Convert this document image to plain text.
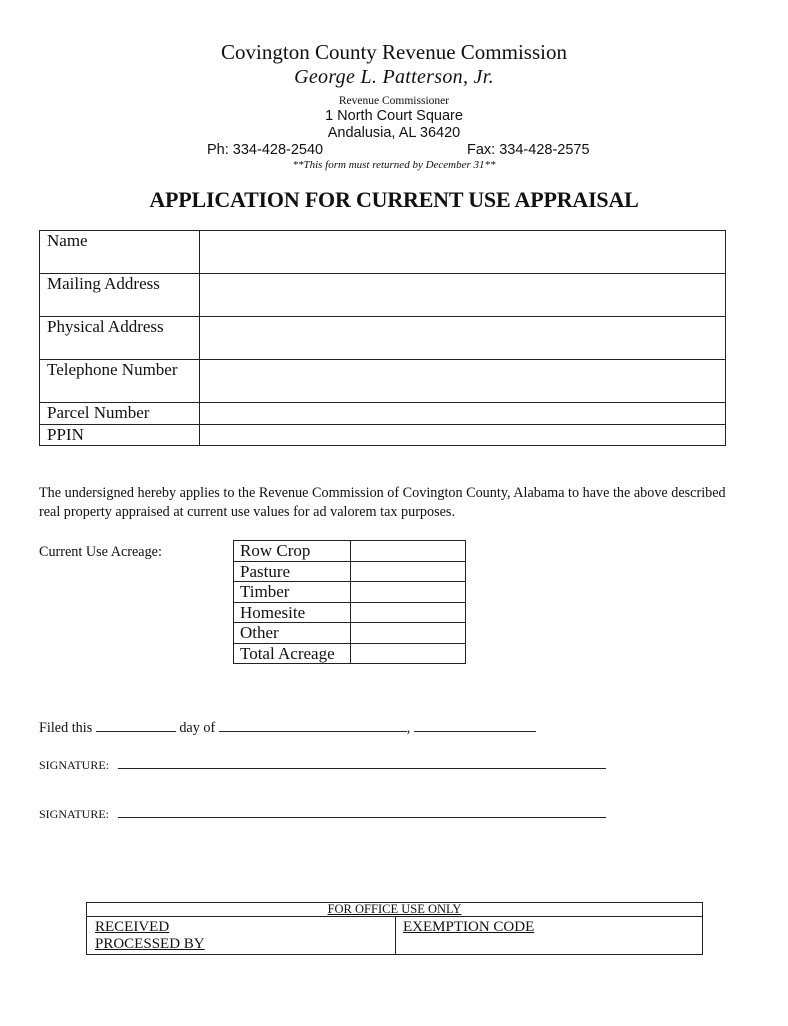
Covington County Revenue Commission
George L. Patterson, Jr.
Revenue Commissioner
1 North Court Square
Andalusia, AL 36420
Ph: 334-428-2540	Fax: 334-428-2575
**This form must returned by December 31**
APPLICATION FOR CURRENT USE APPRAISAL
Name	
Mailing Address	
Physical Address	
Telephone Number	
Parcel Number	
PPIN	
The undersigned hereby applies to the Revenue Commission of Covington County, Alabama to have the above described real property appraised at current use values for ad valorem tax purposes.
Current Use Acreage:	Row Crop	
Pasture	
Timber	
Homesite	
Other	
Total Acreage	
Filed this	day of	,
SIGNATURE:
SIGNATURE:
FOR OFFICE USE ONLY
RECEIVED
PROCESSED BY
EXEMPTION CODE
